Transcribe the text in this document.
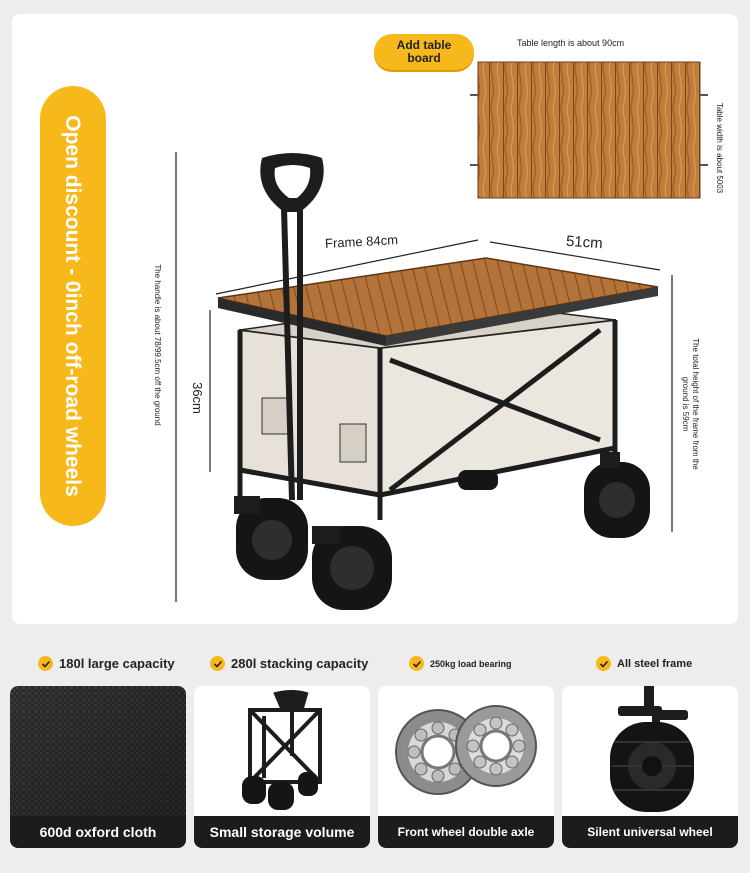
Open discount - 0inch off-road wheels
Add table board
Table length is about 90cm
Table width is about 5003
Frame 84cm	51cm
36cm
The handle is about 78/99.5cm off the ground	The total height of the frame from the ground is 59cm
180l large capacity	280l stacking capacity	250kg load bearing	All steel frame
600d oxford cloth	Small storage volume	Front wheel double axle	Silent universal wheel
